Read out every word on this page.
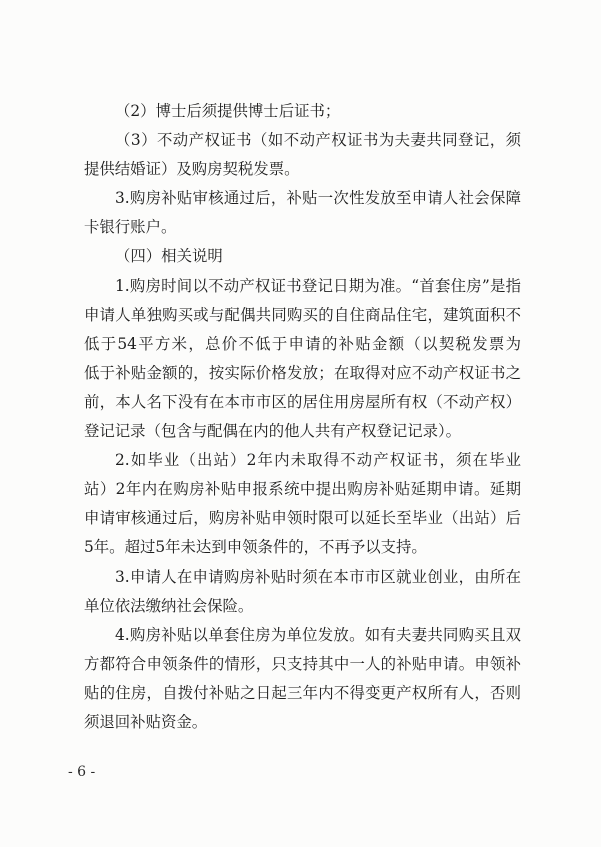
（2）博士后须提供博士后证书；
（3）不动产权证书（如不动产权证书为夫妻共同登记，须
提供结婚证）及购房契税发票。
3.购房补贴审核通过后，补贴一次性发放至申请人社会保障
卡银行账户。
（四）相关说明
1.购房时间以不动产权证书登记日期为准。“首套住房”是指
申请人单独购买或与配偶共同购买的自住商品住宅，建筑面积不
低于54平方米，总价不低于申请的补贴金额（以契税发票为
低于补贴金额的，按实际价格发放；在取得对应不动产权证书之
前，本人名下没有在本市市区的居住用房屋所有权（不动产权）
登记记录（包含与配偶在内的他人共有产权登记记录）。
2.如毕业（出站）2年内未取得不动产权证书，须在毕业
站）2年内在购房补贴申报系统中提出购房补贴延期申请。延期
申请审核通过后，购房补贴申领时限可以延长至毕业（出站）后
5年。超过5年未达到申领条件的，不再予以支持。
3.申请人在申请购房补贴时须在本市市区就业创业，由所在
单位依法缴纳社会保险。
4.购房补贴以单套住房为单位发放。如有夫妻共同购买且双
方都符合申领条件的情形，只支持其中一人的补贴申请。申领补
贴的住房，自拨付补贴之日起三年内不得变更产权所有人，否则
须退回补贴资金。
- 6 -
